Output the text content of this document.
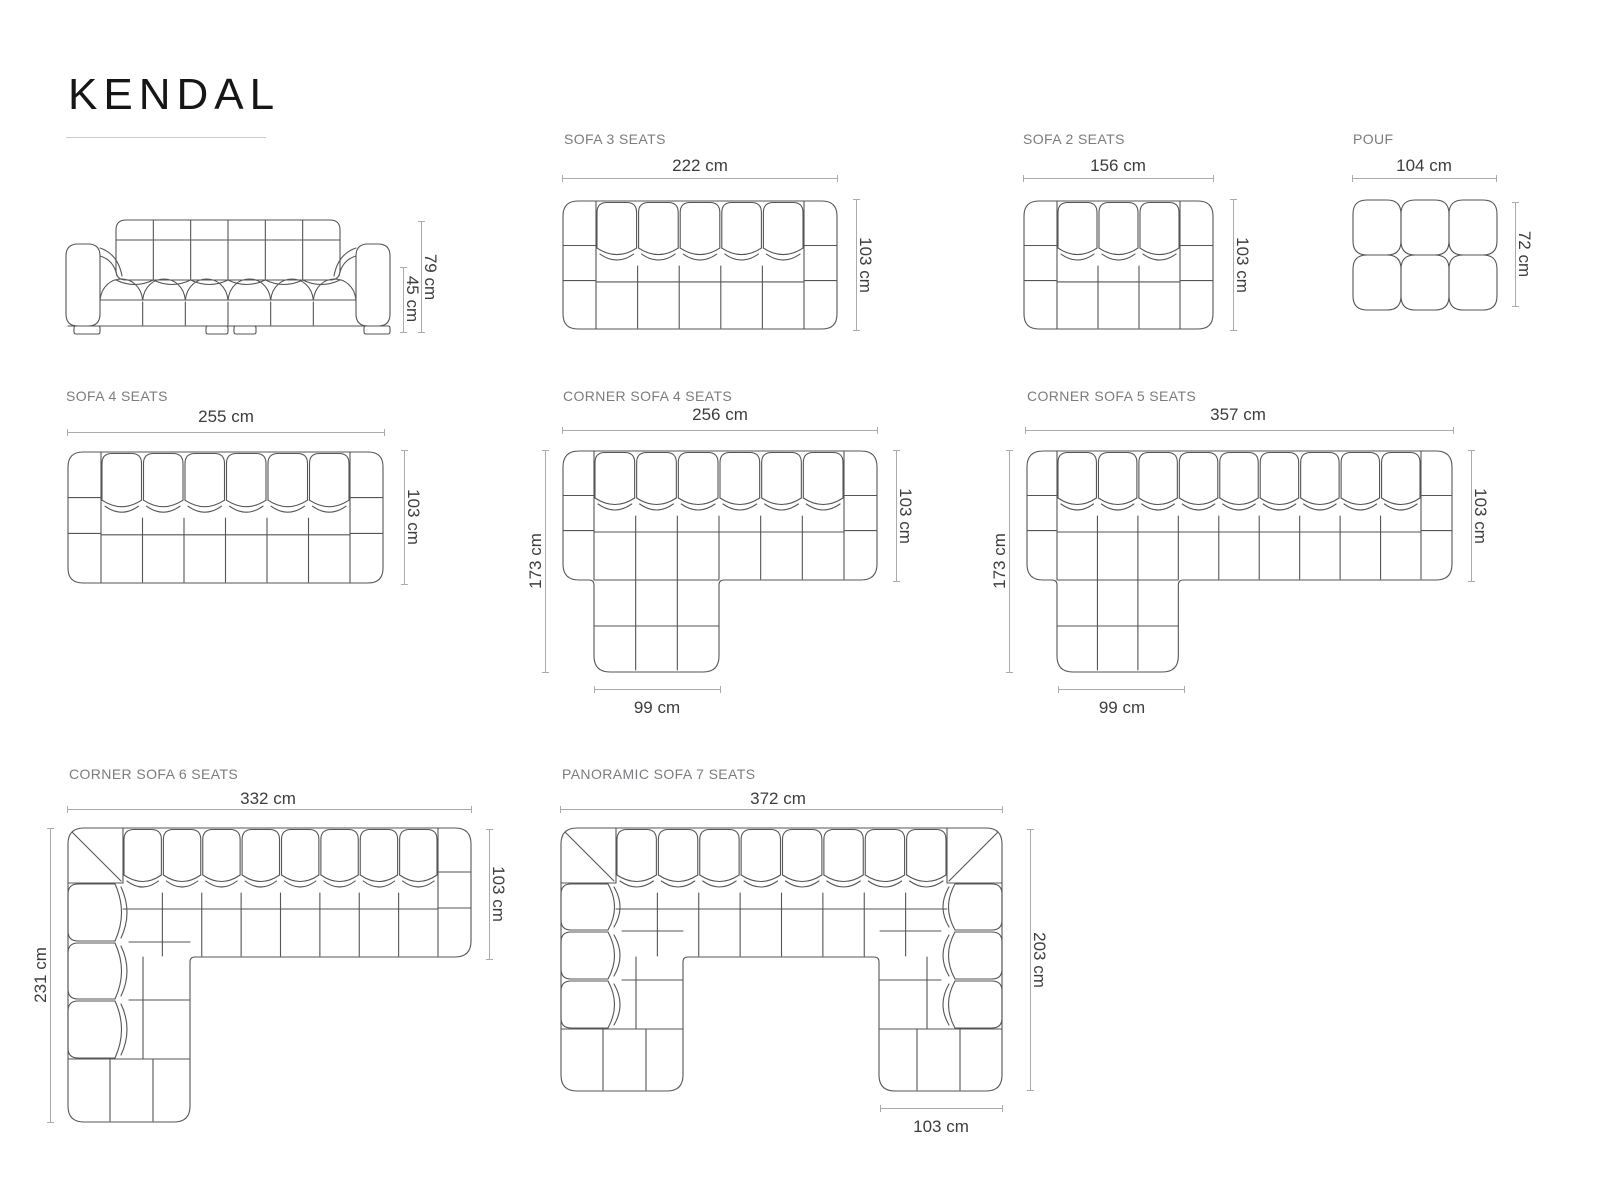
KENDAL
79 cm
45 cm
SOFA 3 SEATS
222 cm
103 cm
SOFA 2 SEATS
156 cm
103 cm
POUF
104 cm
72 cm
SOFA 4 SEATS
255 cm
103 cm
CORNER SOFA 4 SEATS
256 cm
173 cm
103 cm
99 cm
CORNER SOFA 5 SEATS
357 cm
173 cm
103 cm
99 cm
CORNER SOFA 6 SEATS
332 cm
231 cm
103 cm
PANORAMIC SOFA 7 SEATS
372 cm
203 cm
103 cm
